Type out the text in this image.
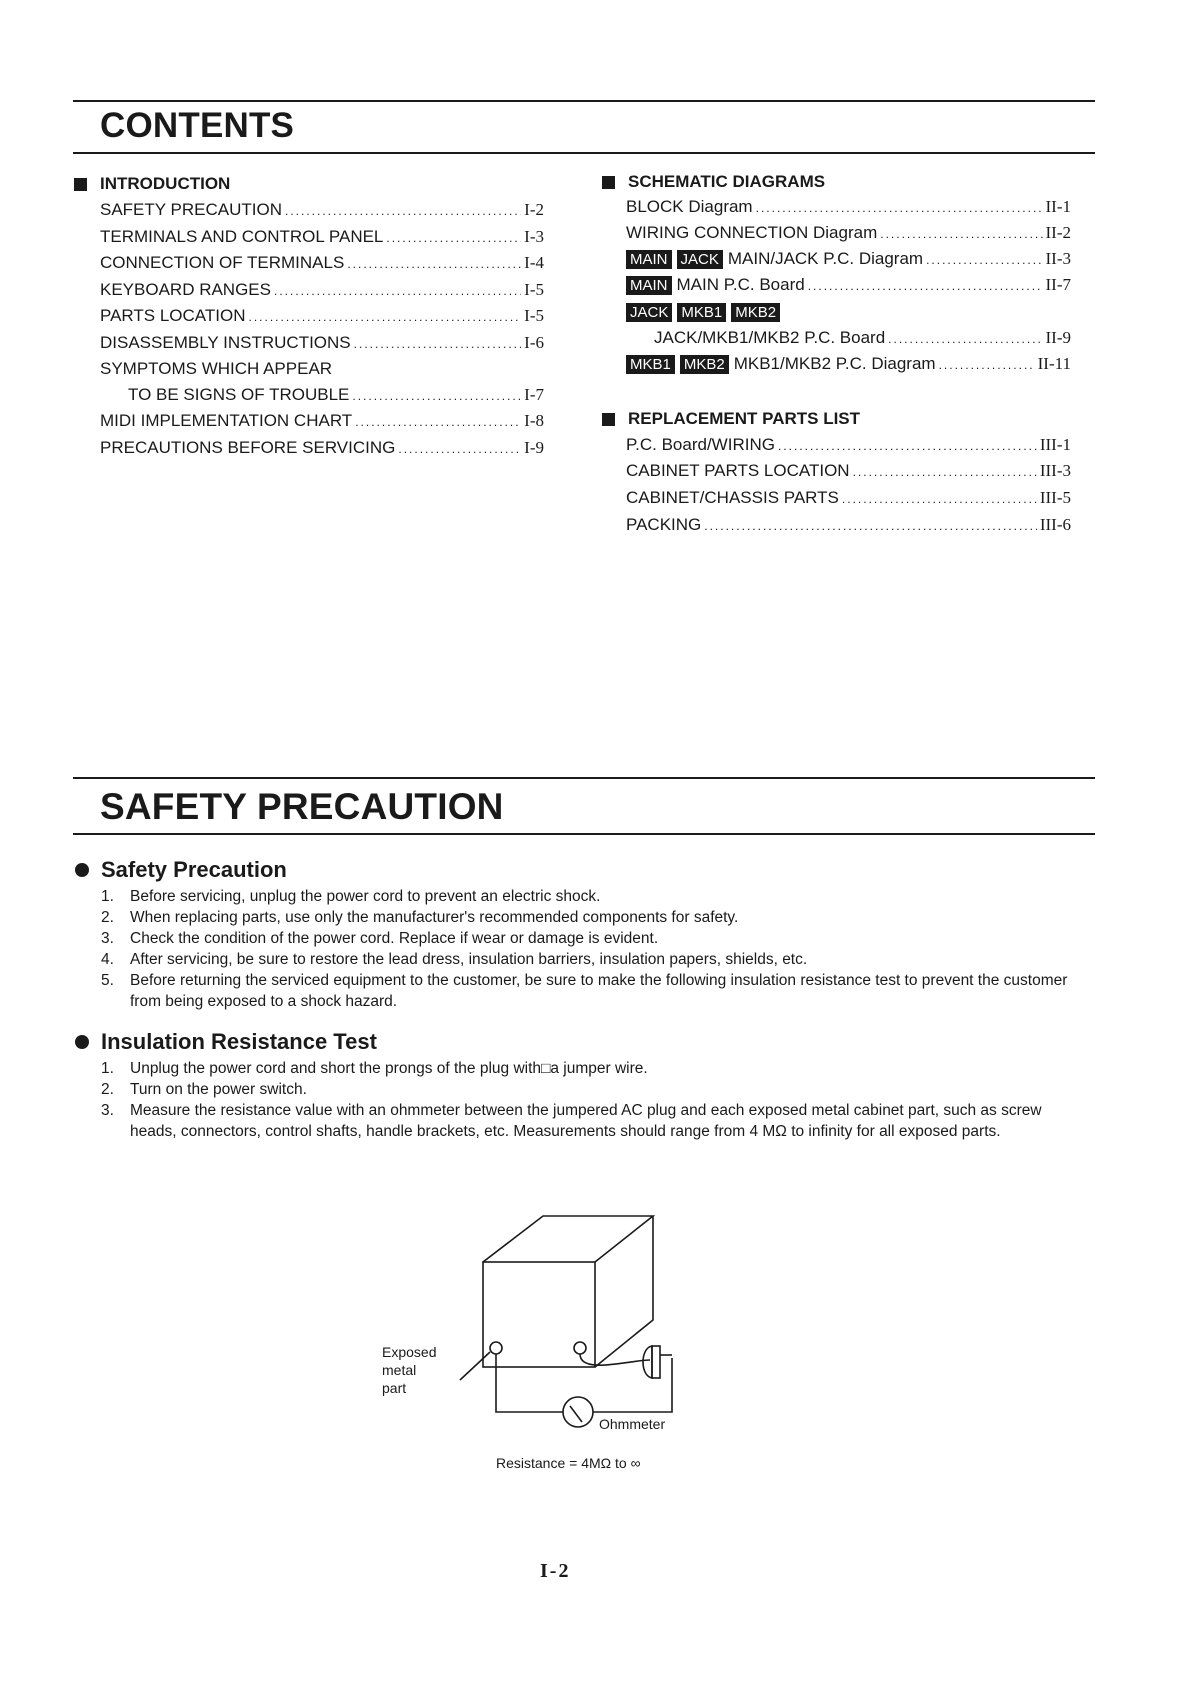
CONTENTS
INTRODUCTION
SAFETY PRECAUTION .....	I-2
TERMINALS AND CONTROL PANEL .....	I-3
CONNECTION OF TERMINALS .....	I-4
KEYBOARD RANGES .....	I-5
PARTS LOCATION .....	I-5
DISASSEMBLY INSTRUCTIONS .....	I-6
SYMPTOMS WHICH APPEAR
TO BE SIGNS OF TROUBLE .....	I-7
MIDI IMPLEMENTATION CHART .....	I-8
PRECAUTIONS BEFORE SERVICING .....	I-9
SCHEMATIC DIAGRAMS
BLOCK Diagram .....	II-1
WIRING CONNECTION Diagram .....	II-2
MAIN JACK MAIN/JACK P.C. Diagram .....	II-3
MAIN MAIN P.C. Board .....	II-7
JACK MKB1 MKB2
JACK/MKB1/MKB2 P.C. Board .....	II-9
MKB1 MKB2 MKB1/MKB2 P.C. Diagram .....	II-11
REPLACEMENT PARTS LIST
P.C. Board/WIRING .....	III-1
CABINET PARTS LOCATION .....	III-3
CABINET/CHASSIS PARTS .....	III-5
PACKING .....	III-6
SAFETY PRECAUTION
Safety Precaution
1.	Before servicing, unplug the power cord to prevent an electric shock.
2.	When replacing parts, use only the manufacturer's recommended components for safety.
3.	Check the condition of the power cord. Replace if wear or damage is evident.
4.	After servicing, be sure to restore the lead dress, insulation barriers, insulation papers, shields, etc.
5.	Before returning the serviced equipment to the customer, be sure to make the following insulation resistance test to prevent the customer from being exposed to a shock hazard.
Insulation Resistance Test
1.	Unplug the power cord and short the prongs of the plug with□a jumper wire.
2.	Turn on the power switch.
3.	Measure the resistance value with an ohmmeter between the jumpered AC plug and each exposed metal cabinet part, such as screw heads, connectors, control shafts, handle brackets, etc. Measurements should range from 4 MΩ to infinity for all exposed parts.
Exposed
metal
part
Ohmmeter
Resistance = 4MΩ to ∞
I-2
